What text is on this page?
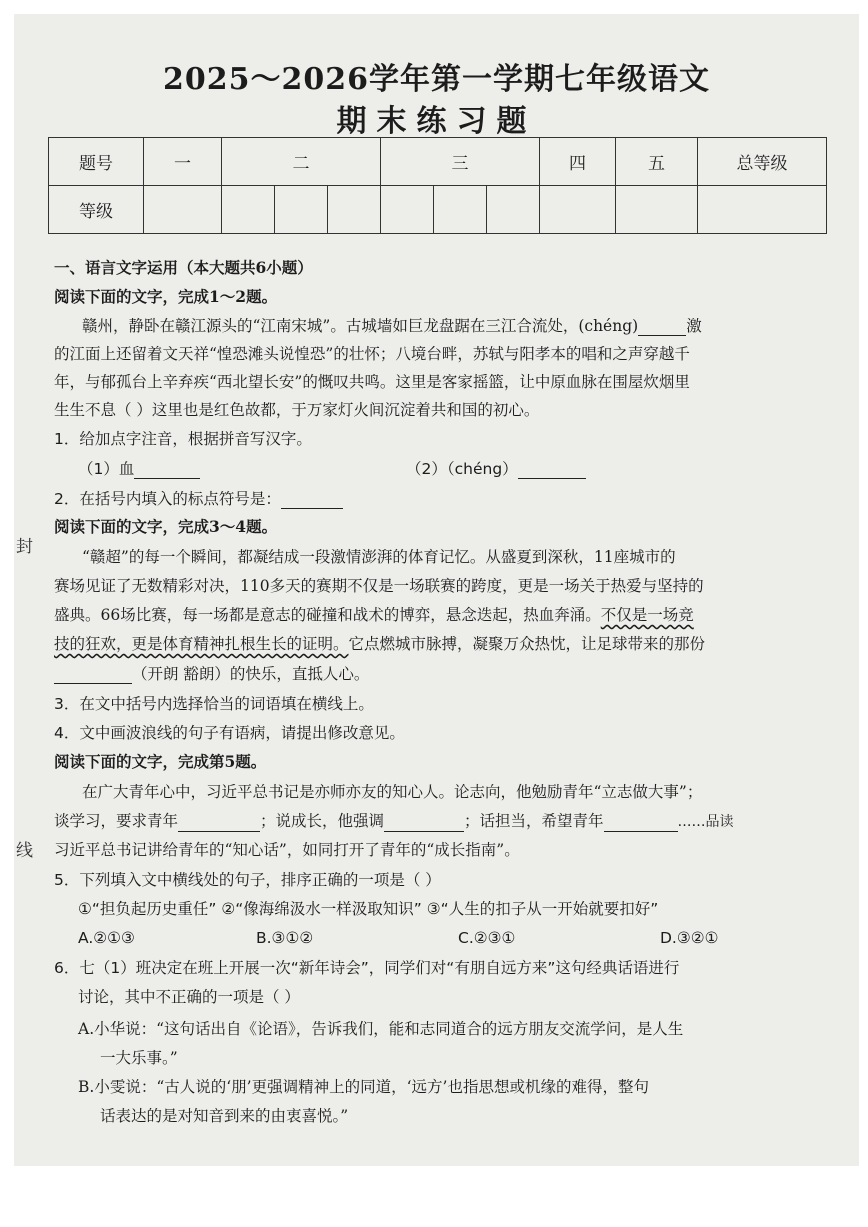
封
线
2025～2026学年第一学期七年级语文
期末练习题
题号	一	二			三			四	五	总等级
等级										
一、语言文字运用（本大题共6小题）
阅读下面的文字，完成1～2题。
赣州，静卧在赣江源头的“江南宋城”。古城墙如巨龙盘踞在三江合流处，(chéng)	激
的江面上还留着文天祥“惶恐滩头说惶恐”的壮怀；八境台畔，苏轼与阳孝本的唱和之声穿越千
年，与郁孤台上辛弃疾“西北望长安”的慨叹共鸣。这里是客家摇篮，让中原血脉在围屋炊烟里
生生不息（ ）这里也是红色故都，于万家灯火间沉淀着共和国的初心。
1．给加点字注音，根据拼音写汉字。
（1）血	（2）（chéng）
2．在括号内填入的标点符号是：
阅读下面的文字，完成3～4题。
“赣超”的每一个瞬间，都凝结成一段激情澎湃的体育记忆。从盛夏到深秋，11座城市的
赛场见证了无数精彩对决，110多天的赛期不仅是一场联赛的跨度，更是一场关于热爱与坚持的
盛典。66场比赛，每一场都是意志的碰撞和战术的博弈，悬念迭起，热血奔涌。不仅是一场竞
技的狂欢，更是体育精神扎根生长的证明。它点燃城市脉搏，凝聚万众热忱，让足球带来的那份
（开朗 豁朗）的快乐，直抵人心。
3．在文中括号内选择恰当的词语填在横线上。
4．文中画波浪线的句子有语病，请提出修改意见。
阅读下面的文字，完成第5题。
在广大青年心中，习近平总书记是亦师亦友的知心人。论志向，他勉励青年“立志做大事”；
谈学习，要求青年	；说成长，他强调	；话担当，希望青年	……品读
习近平总书记讲给青年的“知心话”，如同打开了青年的“成长指南”。
5．下列填入文中横线处的句子，排序正确的一项是（ ）
①“担负起历史重任” ②“像海绵汲水一样汲取知识” ③“人生的扣子从一开始就要扣好”
A.②①③	B.③①②	C.②③①	D.③②①
6．七（1）班决定在班上开展一次“新年诗会”，同学们对“有朋自远方来”这句经典话语进行
讨论，其中不正确的一项是（ ）
A.小华说：“这句话出自《论语》，告诉我们，能和志同道合的远方朋友交流学问，是人生
一大乐事。”
B.小雯说：“古人说的‘朋’更强调精神上的同道，‘远方’也指思想或机缘的难得，整句
话表达的是对知音到来的由衷喜悦。”
